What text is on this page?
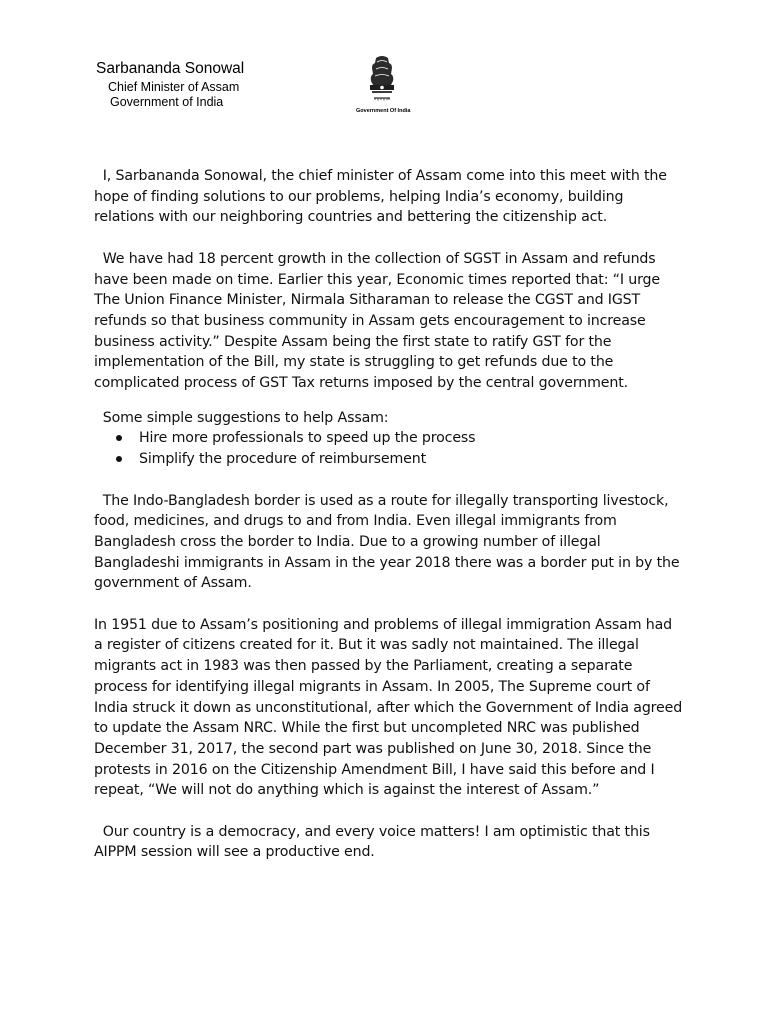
Sarbananda Sonowal
Chief Minister of Assam
Government of India
Government Of India

I, Sarbananda Sonowal, the chief minister of Assam come into this meet with the hope of finding solutions to our problems, helping India’s economy, building relations with our neighboring countries and bettering the citizenship act.

We have had 18 percent growth in the collection of SGST in Assam and refunds have been made on time. Earlier this year, Economic times reported that: “I urge The Union Finance Minister, Nirmala Sitharaman to release the CGST and IGST refunds so that business community in Assam gets encouragement to increase business activity.” Despite Assam being the first state to ratify GST for the implementation of the Bill, my state is struggling to get refunds due to the complicated process of GST Tax returns imposed by the central government.

Some simple suggestions to help Assam:

Hire more professionals to speed up the process
Simplify the procedure of reimbursement

The Indo-Bangladesh border is used as a route for illegally transporting livestock, food, medicines, and drugs to and from India. Even illegal immigrants from Bangladesh cross the border to India. Due to a growing number of illegal Bangladeshi immigrants in Assam in the year 2018 there was a border put in by the government of Assam.

In 1951 due to Assam’s positioning and problems of illegal immigration Assam had a register of citizens created for it. But it was sadly not maintained. The illegal migrants act in 1983 was then passed by the Parliament, creating a separate process for identifying illegal migrants in Assam. In 2005, The Supreme court of India struck it down as unconstitutional, after which the Government of India agreed to update the Assam NRC. While the first but uncompleted NRC was published December 31, 2017, the second part was published on June 30, 2018. Since the protests in 2016 on the Citizenship Amendment Bill, I have said this before and I repeat, “We will not do anything which is against the interest of Assam.”

Our country is a democracy, and every voice matters! I am optimistic that this AIPPM session will see a productive end.
